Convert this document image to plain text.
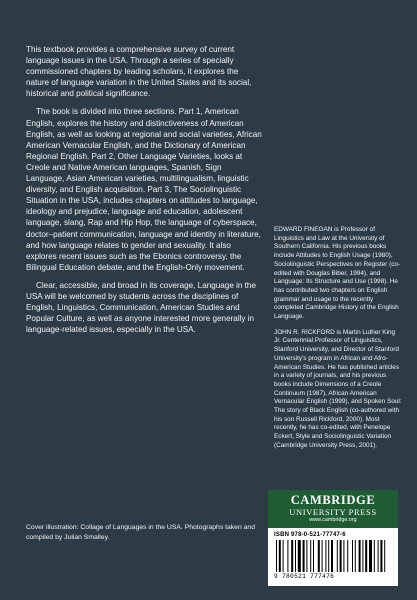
This textbook provides a comprehensive survey of current language issues in the USA. Through a series of specially commissioned chapters by leading scholars, it explores the nature of language variation in the United States and its social, historical and political significance.

The book is divided into three sections. Part 1, American English, explores the history and distinctiveness of American English, as well as looking at regional and social varieties, African American Vernacular English, and the Dictionary of American Regional English. Part 2, Other Language Varieties, looks at Creole and Native American languages, Spanish, Sign Language, Asian American varieties, multilingualism, linguistic diversity, and English acquisition. Part 3, The Sociolinguistic Situation in the USA, includes chapters on attitudes to language, ideology and prejudice, language and education, adolescent language, slang, Rap and Hip Hop, the language of cyberspace, doctor–patient communication, language and identity in literature, and how language relates to gender and sexuality. It also explores recent issues such as the Ebonics controversy, the Bilingual Education debate, and the English-Only movement.

Clear, accessible, and broad in its coverage, Language in the USA will be welcomed by students across the disciplines of English, Linguistics, Communication, American Studies and Popular Culture, as well as anyone interested more generally in language-related issues, especially in the USA.

Cover illustration: Collage of Languages in the USA. Photographs taken and compiled by Julian Smalley.

EDWARD FINEGAN is Professor of Linguistics and Law at the University of Southern California. His previous books include Attitudes to English Usage (1980), Sociolinguistic Perspectives on Register (co-edited with Douglas Biber, 1994), and Language: Its Structure and Use (1998). He has contributed two chapters on English grammar and usage to the recently completed Cambridge History of the English Language.

JOHN R. RICKFORD is Martin Luther King Jr. Centennial Professor of Linguistics, Stanford University, and Director of Stanford University's program in African and Afro-American Studies. He has published articles in a variety of journals, and his previous books include Dimensions of a Creole Continuum (1987), African American Vernacular English (1999), and Spoken Soul: The story of Black English (co-authored with his son Russell Rickford, 2000). Most recently, he has co-edited, with Penelope Eckert, Style and Sociolinguistic Variation (Cambridge University Press, 2001).

CAMBRIDGE
UNIVERSITY PRESS
www.cambridge.org
ISBN 978-0-521-77747-6
9 780521 777476
